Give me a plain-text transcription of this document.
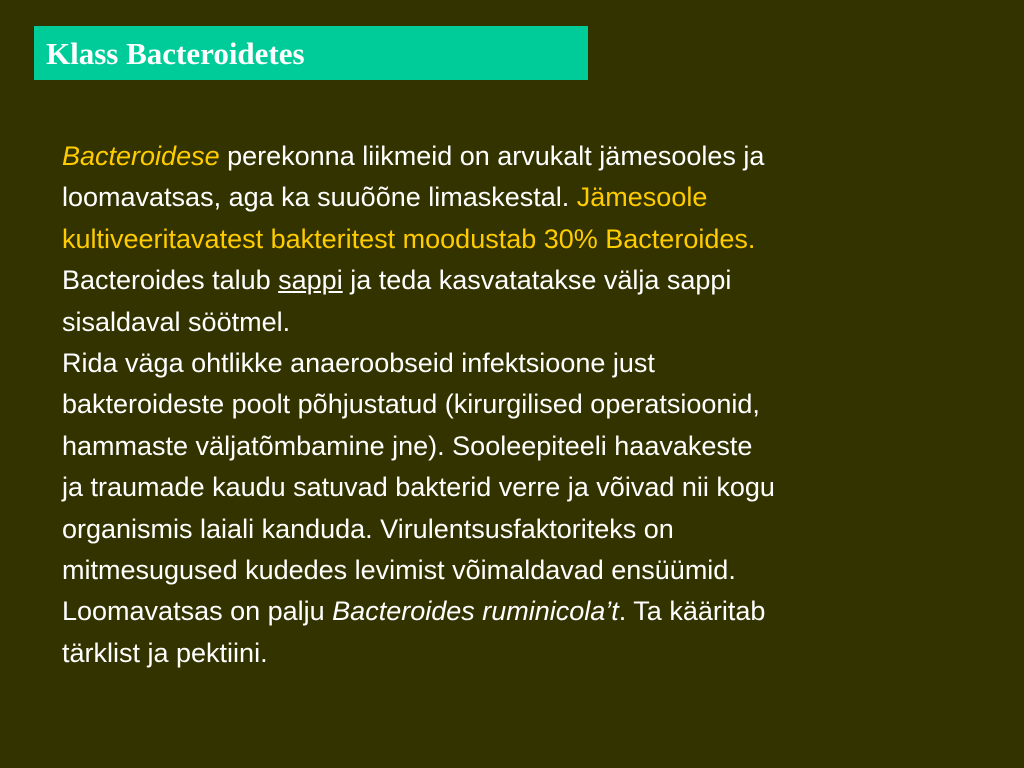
Klass Bacteroidetes
Bacteroidese perekonna liikmeid on arvukalt jämesooles ja
loomavatsas, aga ka suuõõne limaskestal. Jämesoole
kultiveeritavatest bakteritest moodustab 30% Bacteroides.
Bacteroides talub sappi ja teda kasvatatakse välja sappi
sisaldaval söötmel.
Rida väga ohtlikke anaeroobseid infektsioone just
bakteroideste poolt põhjustatud (kirurgilised operatsioonid,
hammaste väljatõmbamine jne). Sooleepiteeli haavakeste
ja traumade kaudu satuvad bakterid verre ja võivad nii kogu
organismis laiali kanduda. Virulentsusfaktoriteks on
mitmesugused kudedes levimist võimaldavad ensüümid.
Loomavatsas on palju Bacteroides ruminicola’t. Ta kääritab
tärklist ja pektiini.
